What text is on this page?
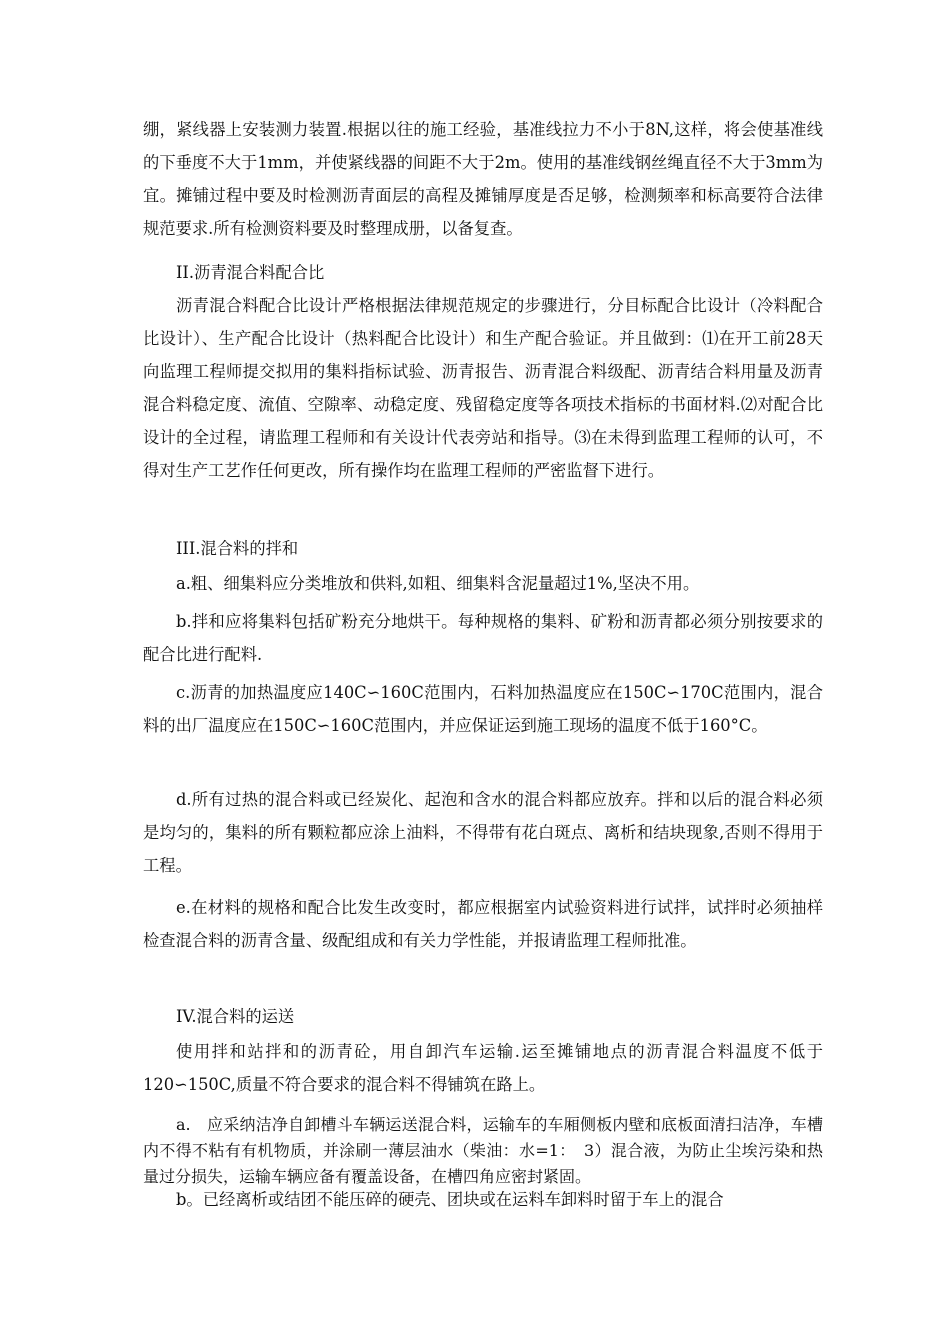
绷，紧线器上安装测力装置.根据以往的施工经验，基准线拉力不小于8N,这样，将会使基准线的下垂度不大于1mm，并使紧线器的间距不大于2m。使用的基准线钢丝绳直径不大于3mm为宜。摊铺过程中要及时检测沥青面层的高程及摊铺厚度是否足够，检测频率和标高要符合法律规范要求.所有检测资料要及时整理成册，以备复查。

II.沥青混合料配合比

沥青混合料配合比设计严格根据法律规范规定的步骤进行，分目标配合比设计（冷料配合比设计）、生产配合比设计（热料配合比设计）和生产配合验证。并且做到：⑴在开工前28天向监理工程师提交拟用的集料指标试验、沥青报告、沥青混合料级配、沥青结合料用量及沥青混合料稳定度、流值、空隙率、动稳定度、残留稳定度等各项技术指标的书面材料.⑵对配合比设计的全过程，请监理工程师和有关设计代表旁站和指导。⑶在未得到监理工程师的认可，不得对生产工艺作任何更改，所有操作均在监理工程师的严密监督下进行。

III.混合料的拌和

a.粗、细集料应分类堆放和供料,如粗、细集料含泥量超过1%,坚决不用。

b.拌和应将集料包括矿粉充分地烘干。每种规格的集料、矿粉和沥青都必须分别按要求的配合比进行配料.

c.沥青的加热温度应140C∽160C范围内，石料加热温度应在150C∽170C范围内，混合料的出厂温度应在150C∽160C范围内，并应保证运到施工现场的温度不低于160°C。

d.所有过热的混合料或已经炭化、起泡和含水的混合料都应放弃。拌和以后的混合料必须是均匀的，集料的所有颗粒都应涂上油料，不得带有花白斑点、离析和结块现象,否则不得用于工程。

e.在材料的规格和配合比发生改变时，都应根据室内试验资料进行试拌，试拌时必须抽样检查混合料的沥青含量、级配组成和有关力学性能，并报请监理工程师批准。

IV.混合料的运送

使用拌和站拌和的沥青砼，用自卸汽车运输.运至摊铺地点的沥青混合料温度不低于120∽150C,质量不符合要求的混合料不得铺筑在路上。

a.　应采纳洁净自卸槽斗车辆运送混合料，运输车的车厢侧板内壁和底板面清扫洁净，车槽内不得不粘有有机物质，并涂刷一薄层油水（柴油：水=1：　3）混合液，为防止尘埃污染和热量过分损失，运输车辆应备有覆盖设备，在槽四角应密封紧固。

b。已经离析或结团不能压碎的硬壳、团块或在运料车卸料时留于车上的混合
